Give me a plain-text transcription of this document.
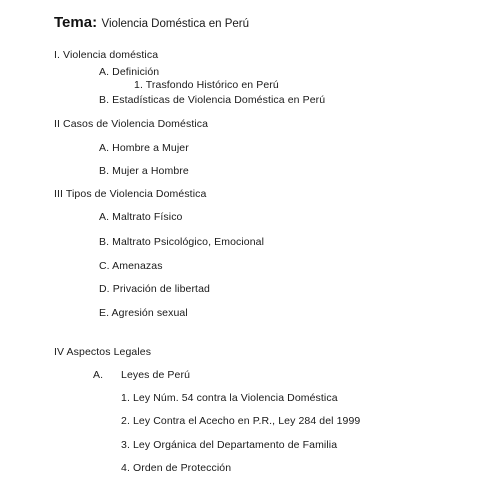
Tema: Violencia Doméstica en Perú
I. Violencia doméstica
A. Definición
1. Trasfondo Histórico en Perú
B. Estadísticas de Violencia Doméstica en Perú
II Casos de Violencia Doméstica
A. Hombre a Mujer
B. Mujer a Hombre
III Tipos de Violencia Doméstica
A. Maltrato Físico
B. Maltrato Psicológico, Emocional
C. Amenazas
D. Privación de libertad
E. Agresión sexual
IV Aspectos Legales
A. Leyes de Perú
1. Ley Núm. 54 contra la Violencia Doméstica
2. Ley Contra el Acecho en P.R., Ley 284 del 1999
3. Ley Orgánica del Departamento de Familia
4. Orden de Protección
